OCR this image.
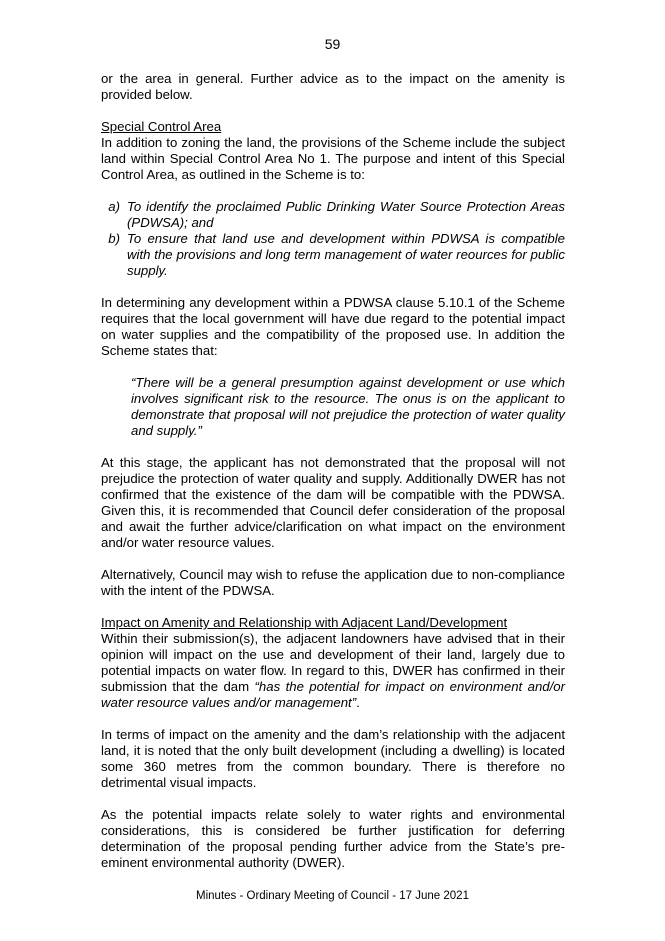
59

or the area in general. Further advice as to the impact on the amenity is provided below.

Special Control Area
In addition to zoning the land, the provisions of the Scheme include the subject land within Special Control Area No 1. The purpose and intent of this Special Control Area, as outlined in the Scheme is to:

a) To identify the proclaimed Public Drinking Water Source Protection Areas (PDWSA); and
b) To ensure that land use and development within PDWSA is compatible with the provisions and long term management of water reources for public supply.

In determining any development within a PDWSA clause 5.10.1 of the Scheme requires that the local government will have due regard to the potential impact on water supplies and the compatibility of the proposed use. In addition the Scheme states that:

“There will be a general presumption against development or use which involves significant risk to the resource. The onus is on the applicant to demonstrate that proposal will not prejudice the protection of water quality and supply.”

At this stage, the applicant has not demonstrated that the proposal will not prejudice the protection of water quality and supply. Additionally DWER has not confirmed that the existence of the dam will be compatible with the PDWSA. Given this, it is recommended that Council defer consideration of the proposal and await the further advice/clarification on what impact on the environment and/or water resource values.

Alternatively, Council may wish to refuse the application due to non-compliance with the intent of the PDWSA.

Impact on Amenity and Relationship with Adjacent Land/Development
Within their submission(s), the adjacent landowners have advised that in their opinion will impact on the use and development of their land, largely due to potential impacts on water flow. In regard to this, DWER has confirmed in their submission that the dam “has the potential for impact on environment and/or water resource values and/or management”.

In terms of impact on the amenity and the dam’s relationship with the adjacent land, it is noted that the only built development (including a dwelling) is located some 360 metres from the common boundary. There is therefore no detrimental visual impacts.

As the potential impacts relate solely to water rights and environmental considerations, this is considered be further justification for deferring determination of the proposal pending further advice from the State’s pre-eminent environmental authority (DWER).

Minutes - Ordinary Meeting of Council - 17 June 2021
